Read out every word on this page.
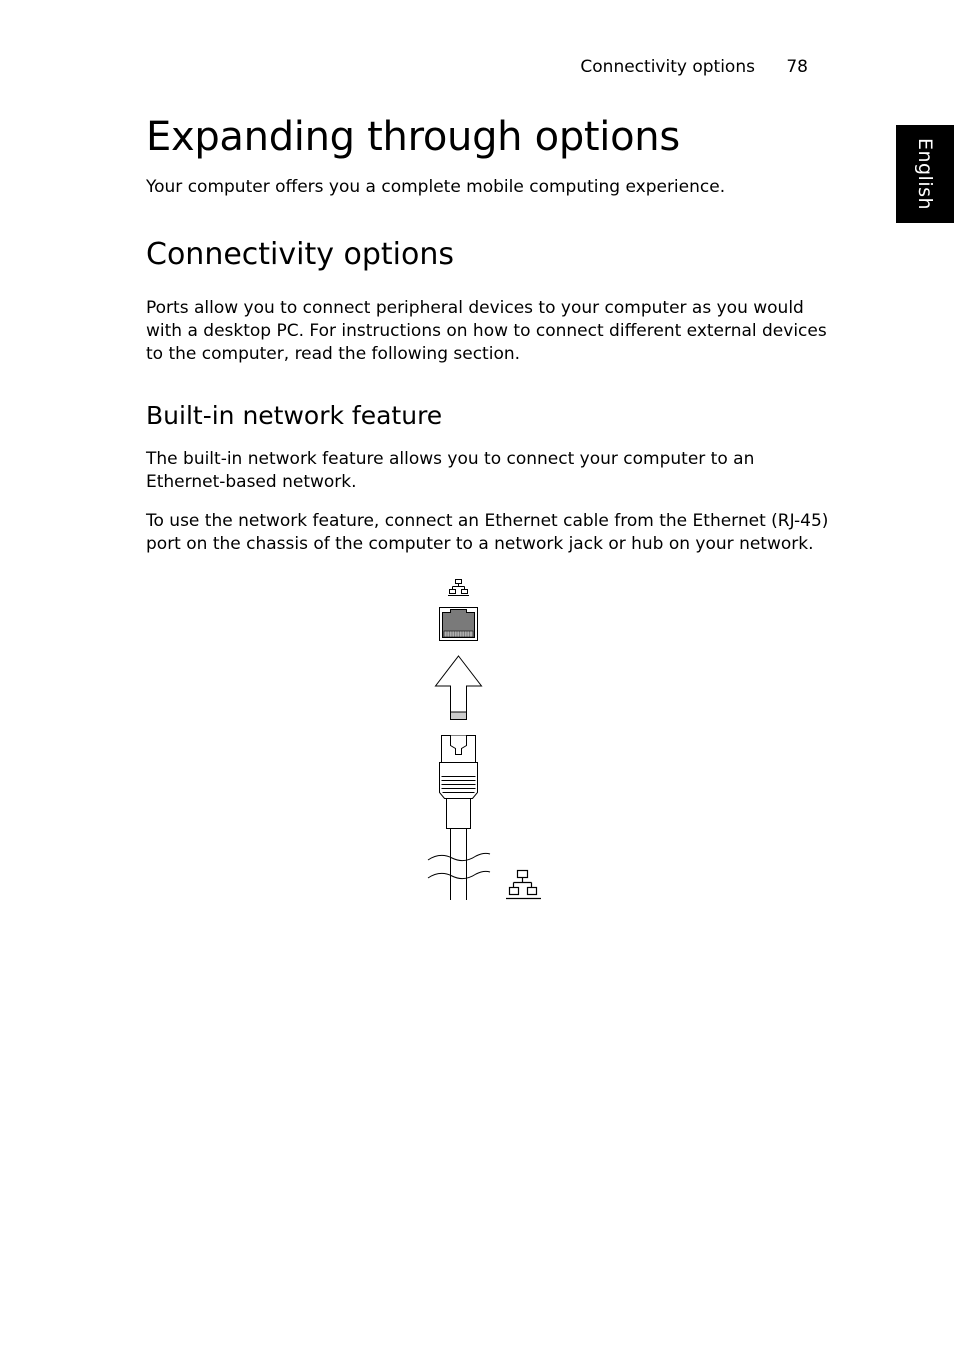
Connectivity options 78
English
Expanding through options

Your computer offers you a complete mobile computing experience.

Connectivity options

Ports allow you to connect peripheral devices to your computer as you would with a desktop PC. For instructions on how to connect different external devices to the computer, read the following section.

Built-in network feature

The built-in network feature allows you to connect your computer to an Ethernet-based network.

To use the network feature, connect an Ethernet cable from the Ethernet (RJ-45) port on the chassis of the computer to a network jack or hub on your network.
